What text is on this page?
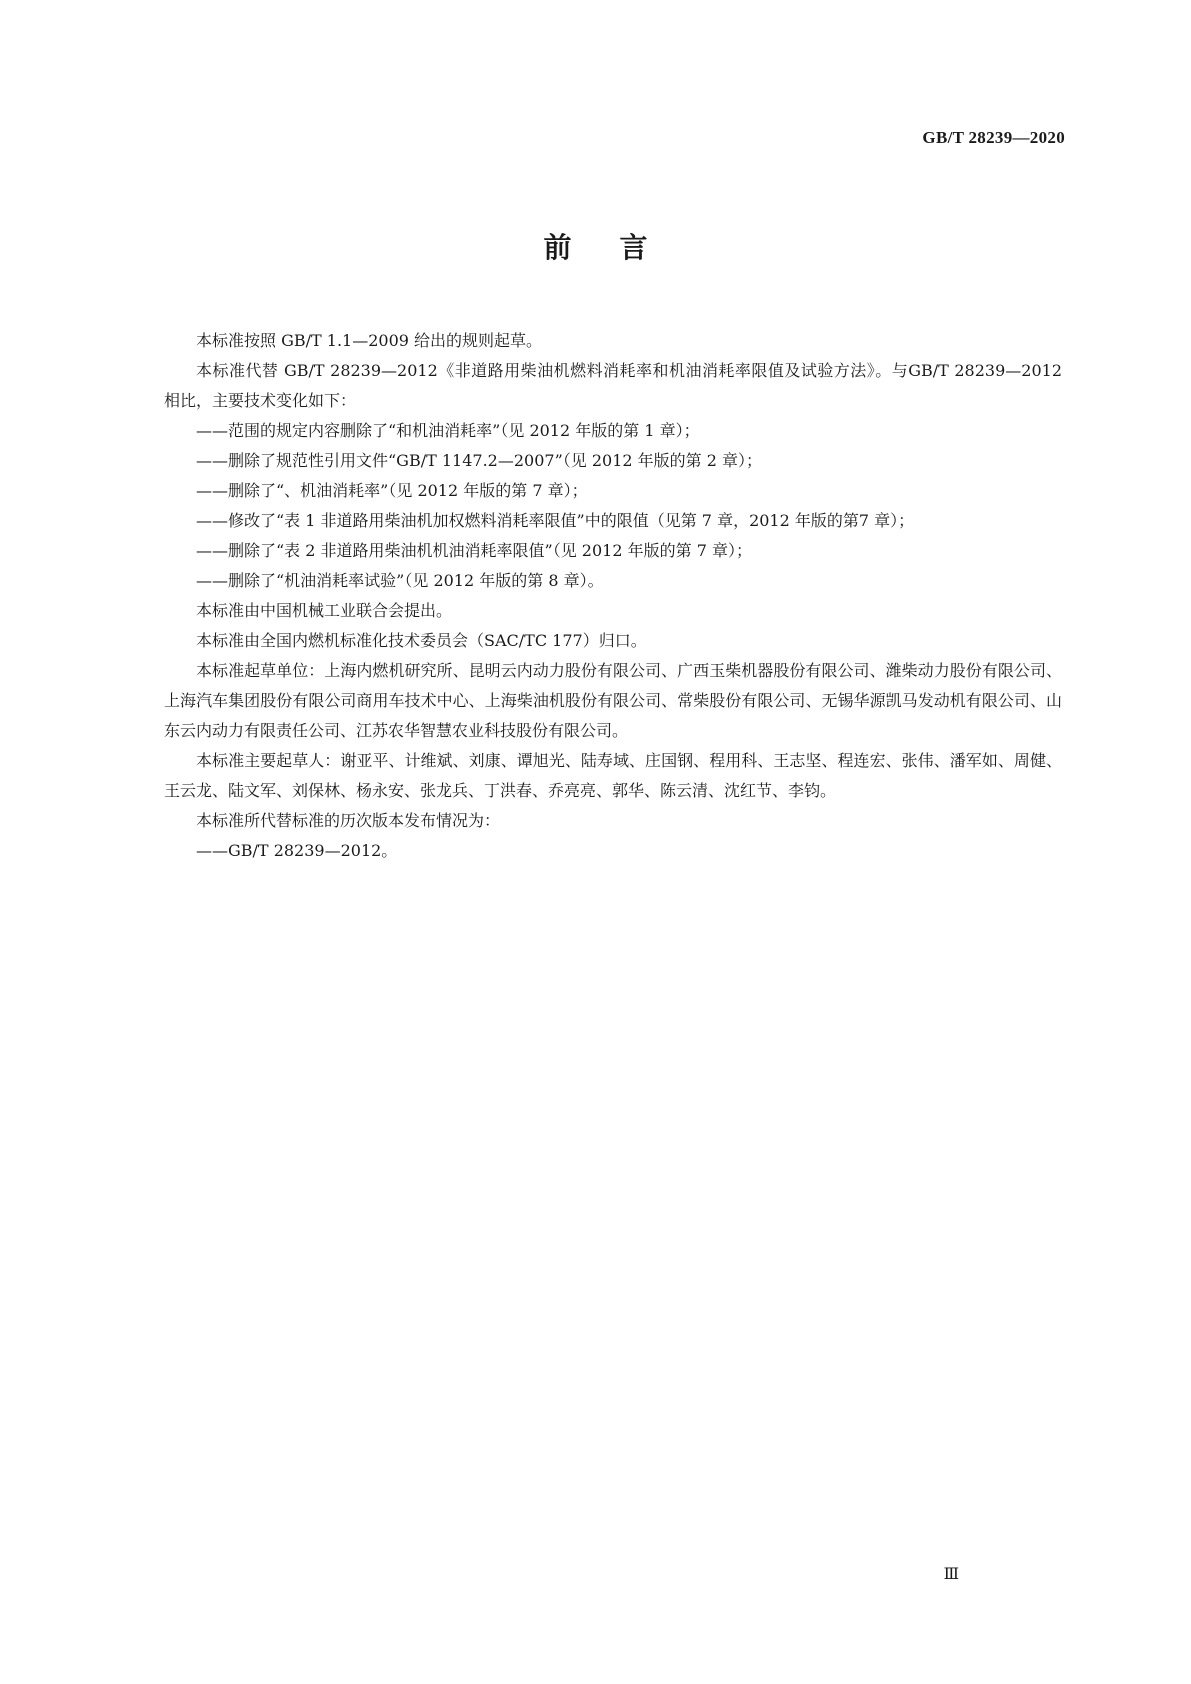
GB/T 28239—2020
前言

本标准按照 GB/T 1.1—2009 给出的规则起草。

本标准代替 GB/T 28239—2012《非道路用柴油机燃料消耗率和机油消耗率限值及试验方法》。与GB/T 28239—2012 相比，主要技术变化如下：

——范围的规定内容删除了“和机油消耗率”（见 2012 年版的第 1 章）；

——删除了规范性引用文件“GB/T 1147.2—2007”（见 2012 年版的第 2 章）；

——删除了“、机油消耗率”（见 2012 年版的第 7 章）；

——修改了“表 1 非道路用柴油机加权燃料消耗率限值”中的限值（见第 7 章，2012 年版的第7 章）；

——删除了“表 2 非道路用柴油机机油消耗率限值”（见 2012 年版的第 7 章）；

——删除了“机油消耗率试验”（见 2012 年版的第 8 章）。

本标准由中国机械工业联合会提出。

本标准由全国内燃机标准化技术委员会（SAC/TC 177）归口。

本标准起草单位：上海内燃机研究所、昆明云内动力股份有限公司、广西玉柴机器股份有限公司、潍柴动力股份有限公司、上海汽车集团股份有限公司商用车技术中心、上海柴油机股份有限公司、常柴股份有限公司、无锡华源凯马发动机有限公司、山东云内动力有限责任公司、江苏农华智慧农业科技股份有限公司。

本标准主要起草人：谢亚平、计维斌、刘康、谭旭光、陆寿域、庄国钢、程用科、王志坚、程连宏、张伟、潘军如、周健、王云龙、陆文军、刘保林、杨永安、张龙兵、丁洪春、乔亮亮、郭华、陈云清、沈红节、李钧。

本标准所代替标准的历次版本发布情况为：

——GB/T 28239—2012。

Ⅲ
